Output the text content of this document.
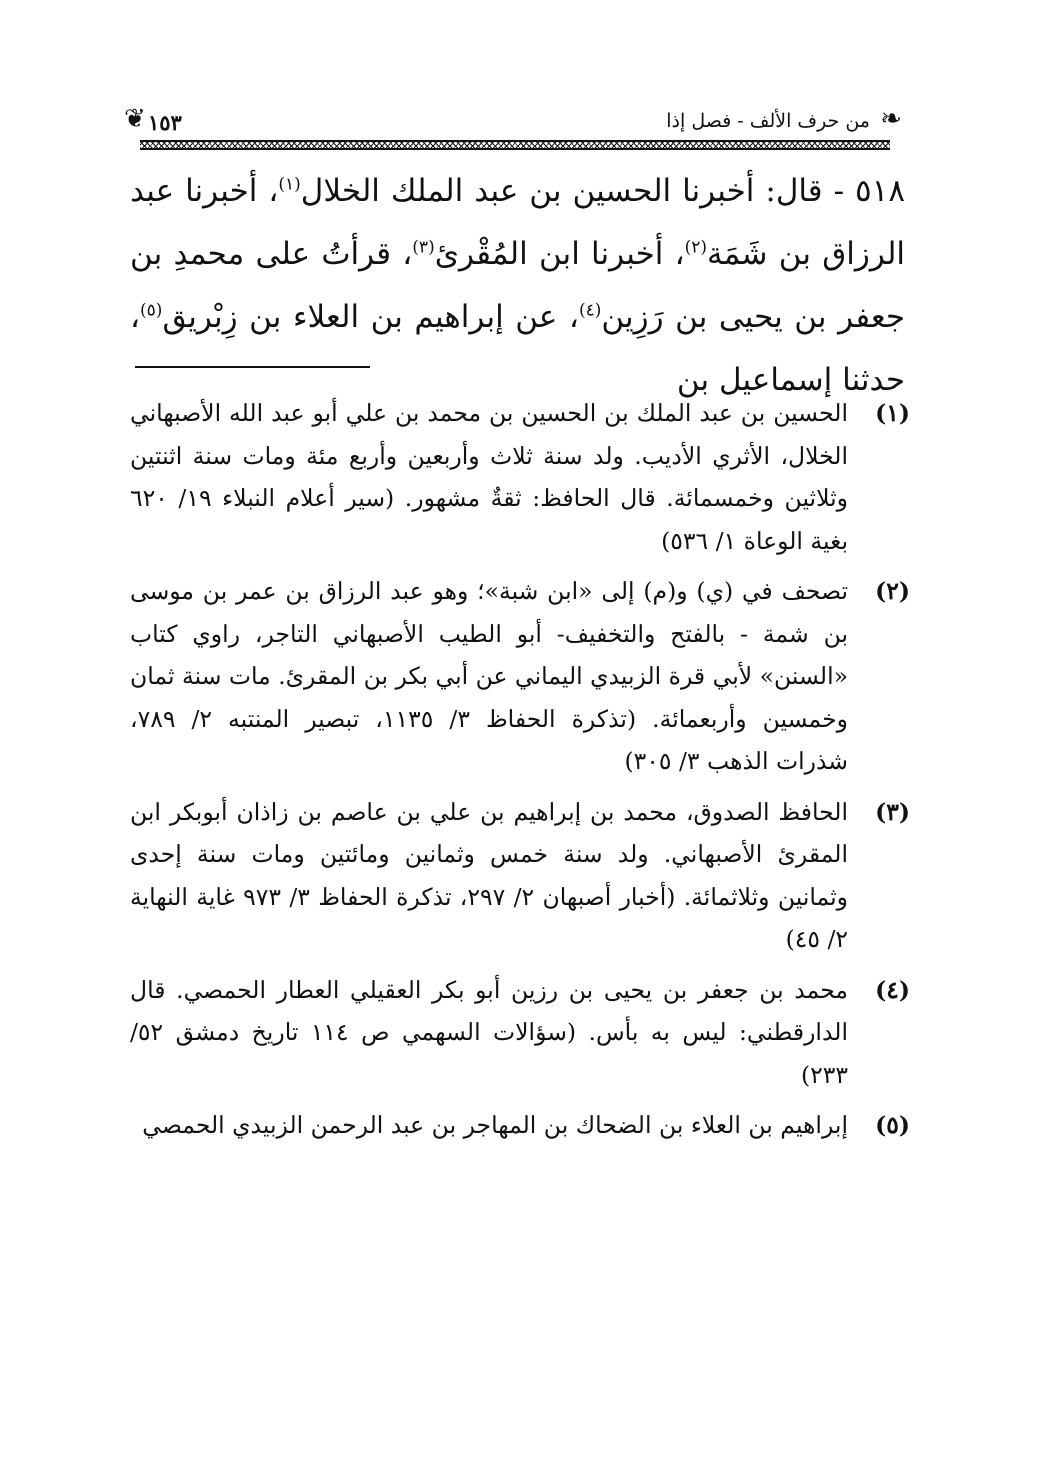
❦ ١٥٣	من حرف الألف - فصل إذا ❧
٥١٨ - قال: أخبرنا الحسين بن عبد الملك الخلال$^{(١)}$، أخبرنا عبد الرزاق بن شَمَة$^{(٢)}$، أخبرنا ابن المُقْرئ$^{(٣)}$، قرأتُ على محمدِ بن جعفر بن يحيى بن رَزِين$^{(٤)}$، عن إبراهيم بن العلاء بن زِبْريق$^{(٥)}$، حدثنا إسماعيل بن
(١)
الحسين بن عبد الملك بن الحسين بن محمد بن علي أبو عبد الله الأصبهاني الخلال، الأثري الأديب. ولد سنة ثلاث وأربعين وأربع مئة ومات سنة اثنتين وثلاثين وخمسمائة. قال الحافظ: ثقةٌ مشهور. (سير أعلام النبلاء ١٩/ ٦٢٠ بغية الوعاة ١/ ٥٣٦)
(٢)
تصحف في (ي) و(م) إلى «ابن شبة»؛ وهو عبد الرزاق بن عمر بن موسى بن شمة - بالفتح والتخفيف- أبو الطيب الأصبهاني التاجر، راوي كتاب «السنن» لأبي قرة الزبيدي اليماني عن أبي بكر بن المقرئ. مات سنة ثمان وخمسين وأربعمائة. (تذكرة الحفاظ ٣/ ١١٣٥، تبصير المنتبه ٢/ ٧٨٩، شذرات الذهب ٣/ ٣٠٥)
(٣)
الحافظ الصدوق، محمد بن إبراهيم بن علي بن عاصم بن زاذان أبوبكر ابن المقرئ الأصبهاني. ولد سنة خمس وثمانين ومائتين ومات سنة إحدى وثمانين وثلاثمائة. (أخبار أصبهان ٢/ ٢٩٧، تذكرة الحفاظ ٣/ ٩٧٣ غاية النهاية ٢/ ٤٥)
(٤)
محمد بن جعفر بن يحيى بن رزين أبو بكر العقيلي العطار الحمصي. قال الدارقطني: ليس به بأس. (سؤالات السهمي ص ١١٤ تاريخ دمشق ٥٢/ ٢٣٣)
(٥)
إبراهيم بن العلاء بن الضحاك بن المهاجر بن عبد الرحمن الزبيدي الحمصي
